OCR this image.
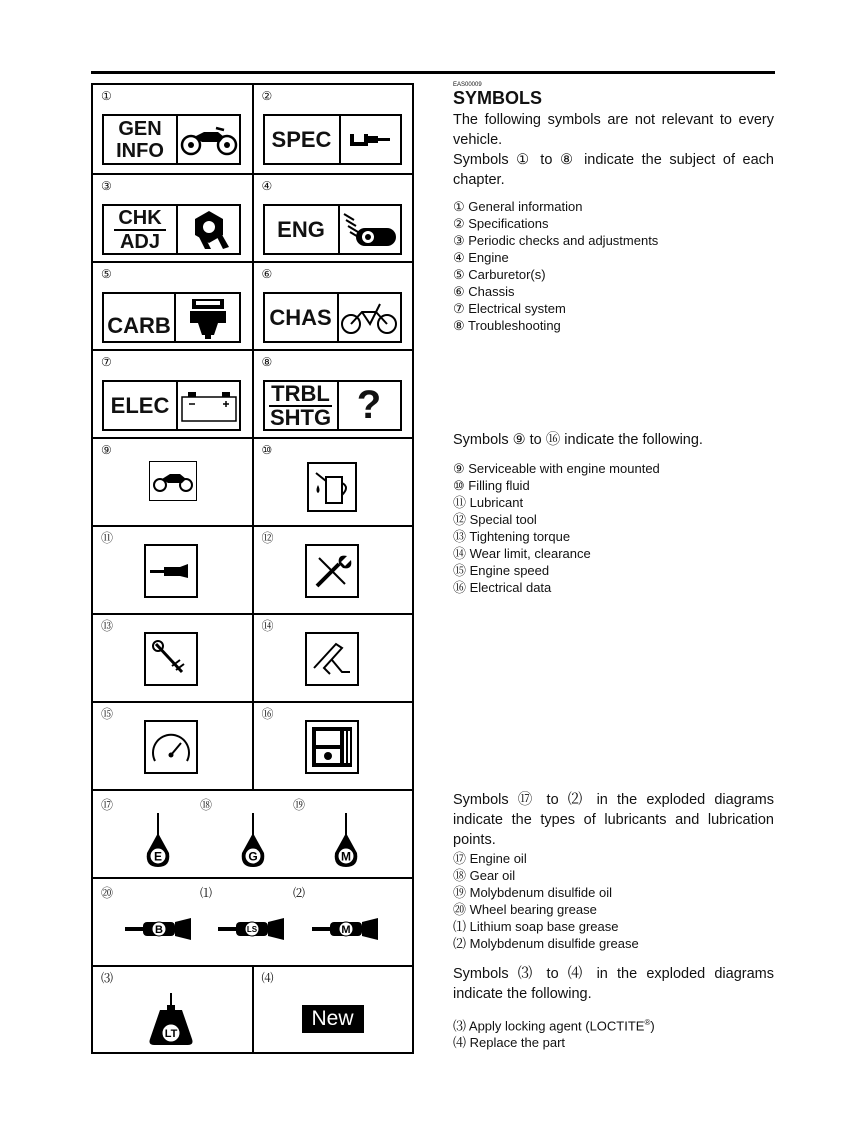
①
GEN
INFO
②
SPEC
③
CHK
ADJ
④
ENG
⑤
CARB
⑥
CHAS
⑦
ELEC
⑧
TRBL
SHTG ?
⑨	⑩
⑪	⑫
⑬	⑭
⑮	⑯
⑰	⑱	⑲
E	G	M
⑳	⑴	⑵
B	LS	M
⑶
LT
⑷
New
EAS00009
SYMBOLS

The following symbols are not relevant to every vehicle.

Symbols ① to ⑧ indicate the subject of each chapter.

① General information
② Specifications
③ Periodic checks and adjustments
④ Engine
⑤ Carburetor(s)
⑥ Chassis
⑦ Electrical system
⑧ Troubleshooting

Symbols ⑨ to ⑯ indicate the following.

⑨ Serviceable with engine mounted
⑩ Filling fluid
⑪ Lubricant
⑫ Special tool
⑬ Tightening torque
⑭ Wear limit, clearance
⑮ Engine speed
⑯ Electrical data

Symbols ⑰ to ⑵ in the exploded diagrams indicate the types of lubricants and lubrication points.

⑰ Engine oil
⑱ Gear oil
⑲ Molybdenum disulfide oil
⑳ Wheel bearing grease
⑴ Lithium soap base grease
⑵ Molybdenum disulfide grease

Symbols ⑶ to ⑷ in the exploded diagrams indicate the following.

⑶ Apply locking agent (LOCTITE®)
⑷ Replace the part
